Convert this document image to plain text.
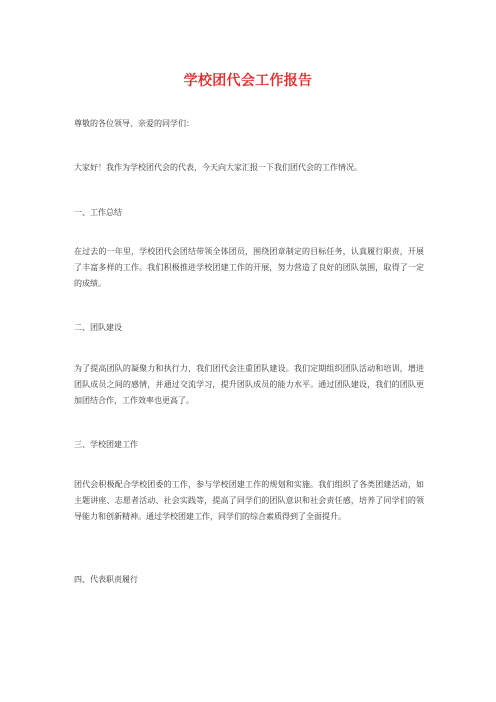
学校团代会工作报告

尊敬的各位领导、亲爱的同学们：

大家好！我作为学校团代会的代表，今天向大家汇报一下我们团代会的工作情况。

一、工作总结

在过去的一年里，学校团代会团结带领全体团员，围绕团章制定的目标任务，认真履行职责，开展了丰富多样的工作。我们积极推进学校团建工作的开展，努力营造了良好的团队氛围，取得了一定的成绩。

二、团队建设

为了提高团队的凝聚力和执行力，我们团代会注重团队建设。我们定期组织团队活动和培训，增进团队成员之间的感情，并通过交流学习，提升团队成员的能力水平。通过团队建设，我们的团队更加团结合作，工作效率也更高了。

三、学校团建工作

团代会积极配合学校团委的工作，参与学校团建工作的规划和实施。我们组织了各类团建活动，如主题讲座、志愿者活动、社会实践等，提高了同学们的团队意识和社会责任感，培养了同学们的领导能力和创新精神。通过学校团建工作，同学们的综合素质得到了全面提升。

四、代表职责履行
